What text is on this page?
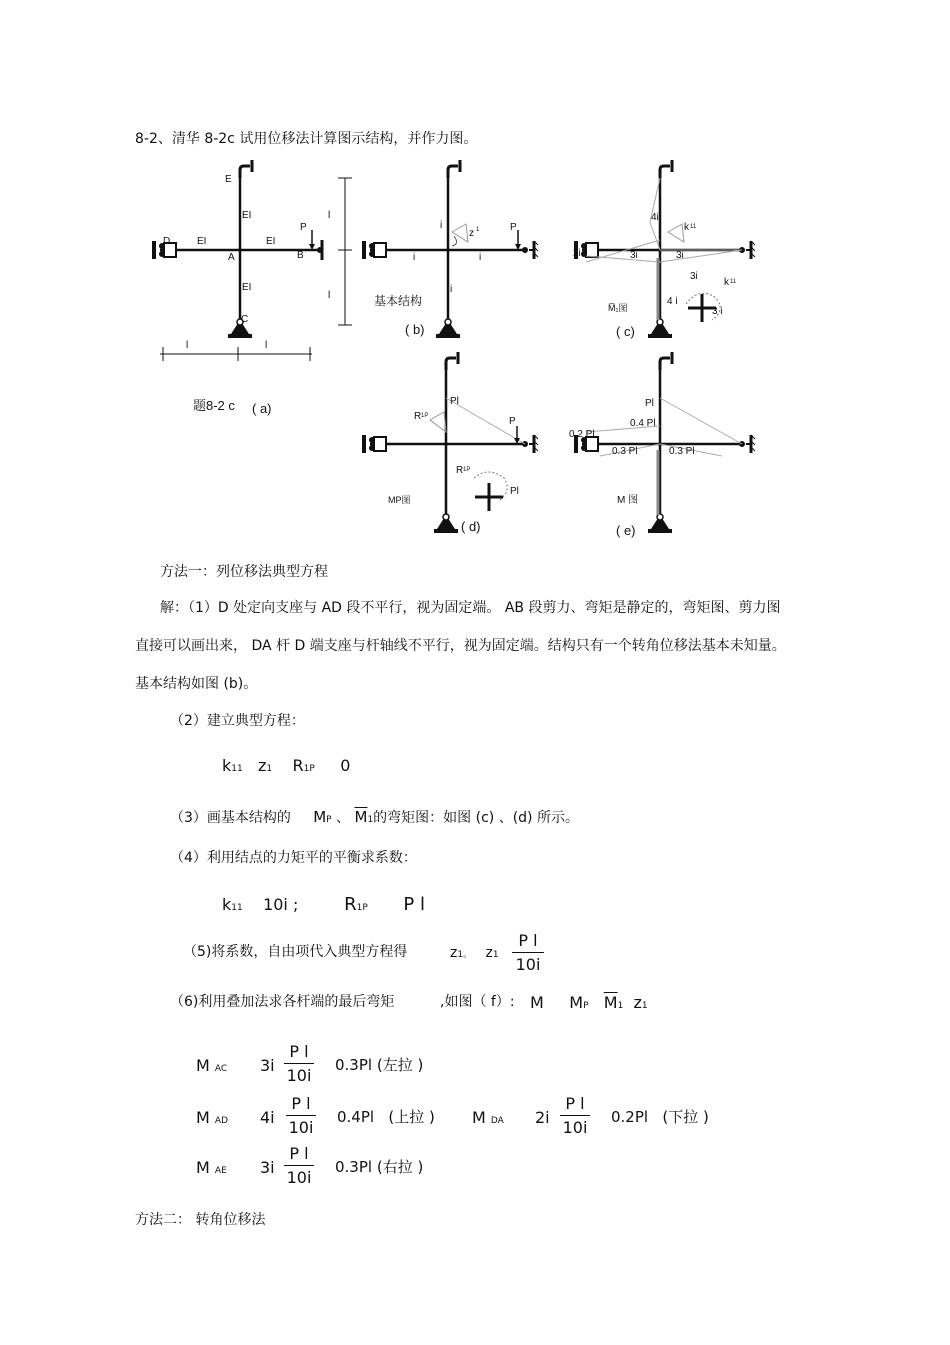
8-2、清华 8-2c 试用位移法计算图示结构，并作力图。
E
D
A	B
C
P
EI
EI	EI
EI
l
l
l	l
题8-2 c ( a)
i
z 1	P
i	i
i
基本结构
( b)
4i
k 11
2i	3i	3i
3i
k 11
4 i
3 i
M̅₁图
( c)
Pl
R 1P	P
R 1P
Pl
MP图
( d)
Pl
0.4 Pl
0.2 Pl
0.3 Pl	0.3 Pl
M 图
( e)
方法一：列位移法典型方程
解：（1）D 处定向支座与 AD 段不平行，视为固定端。 AB 段剪力、弯矩是静定的，弯矩图、剪力图
直接可以画出来， DA 杆 D 端支座与杆轴线不平行，视为固定端。结构只有一个转角位移法基本未知量。
基本结构如图 (b)。
（2）建立典型方程：
k11 z1 R1P 0
（3）画基本结构的 MP 、 $\overline{M}1$的弯矩图：如图 (c) 、(d) 所示。
（4）利用结点的力矩平的平衡求系数：
k11 10i ;	R1P P l
（5)将系数，自由项代入典型方程得	z1。 $z1 \frac{\text{P l}}{10i}$
（6)利用叠加法求各杆端的最后弯矩	,如图（ f）: M MP $\overline{M}1$ z1
M AC $3i \frac{\text{P l}}{10i} 0.3Pl$ (左拉 )
M AD $4i \frac{\text{P l}}{10i} 0.4Pl$ (上拉 ) M DA $2i \frac{\text{P l}}{10i} 0.2Pl$ (下拉 )
M AE $3i \frac{\text{P l}}{10i} 0.3Pl$ (右拉 )
方法二： 转角位移法
